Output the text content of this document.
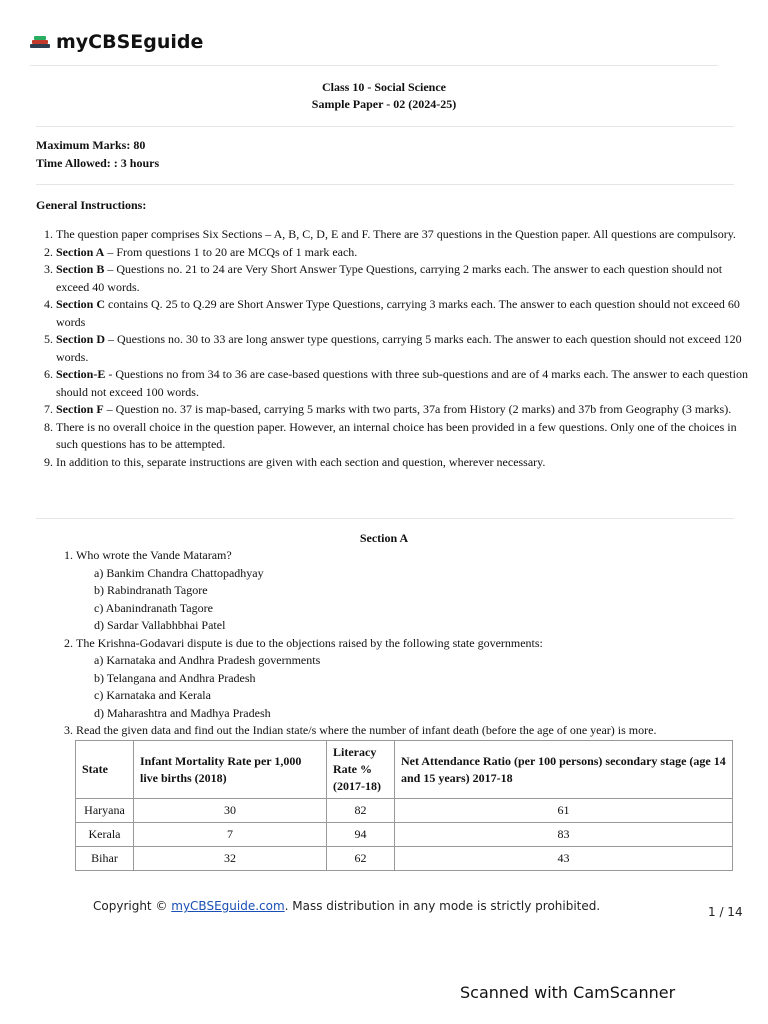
myCBSEguide
Class 10 - Social Science
Sample Paper - 02 (2024-25)
Maximum Marks: 80
Time Allowed: : 3 hours
General Instructions:
1. The question paper comprises Six Sections – A, B, C, D, E and F. There are 37 questions in the Question paper. All questions are compulsory.
2. Section A – From questions 1 to 20 are MCQs of 1 mark each.
3. Section B – Questions no. 21 to 24 are Very Short Answer Type Questions, carrying 2 marks each. The answer to each question should not exceed 40 words.
4. Section C contains Q. 25 to Q.29 are Short Answer Type Questions, carrying 3 marks each. The answer to each question should not exceed 60 words
5. Section D – Questions no. 30 to 33 are long answer type questions, carrying 5 marks each. The answer to each question should not exceed 120 words.
6. Section-E - Questions no from 34 to 36 are case-based questions with three sub-questions and are of 4 marks each. The answer to each question should not exceed 100 words.
7. Section F – Question no. 37 is map-based, carrying 5 marks with two parts, 37a from History (2 marks) and 37b from Geography (3 marks).
8. There is no overall choice in the question paper. However, an internal choice has been provided in a few questions. Only one of the choices in such questions has to be attempted.
9. In addition to this, separate instructions are given with each section and question, wherever necessary.
Section A
1. Who wrote the Vande Mataram?
a) Bankim Chandra Chattopadhyay
b) Rabindranath Tagore
c) Abanindranath Tagore
d) Sardar Vallabhbhai Patel
2. The Krishna-Godavari dispute is due to the objections raised by the following state governments:
a) Karnataka and Andhra Pradesh governments
b) Telangana and Andhra Pradesh
c) Karnataka and Kerala
d) Maharashtra and Madhya Pradesh
3. Read the given data and find out the Indian state/s where the number of infant death (before the age of one year) is more.
State	Infant Mortality Rate per 1,000 live births (2018)	Literacy Rate % (2017-18)	Net Attendance Ratio (per 100 persons) secondary stage (age 14 and 15 years) 2017-18
Haryana	30	82	61
Kerala	7	94	83
Bihar	32	62	43
Copyright © myCBSEguide.com. Mass distribution in any mode is strictly prohibited.	1 / 14
Scanned with CamScanner
